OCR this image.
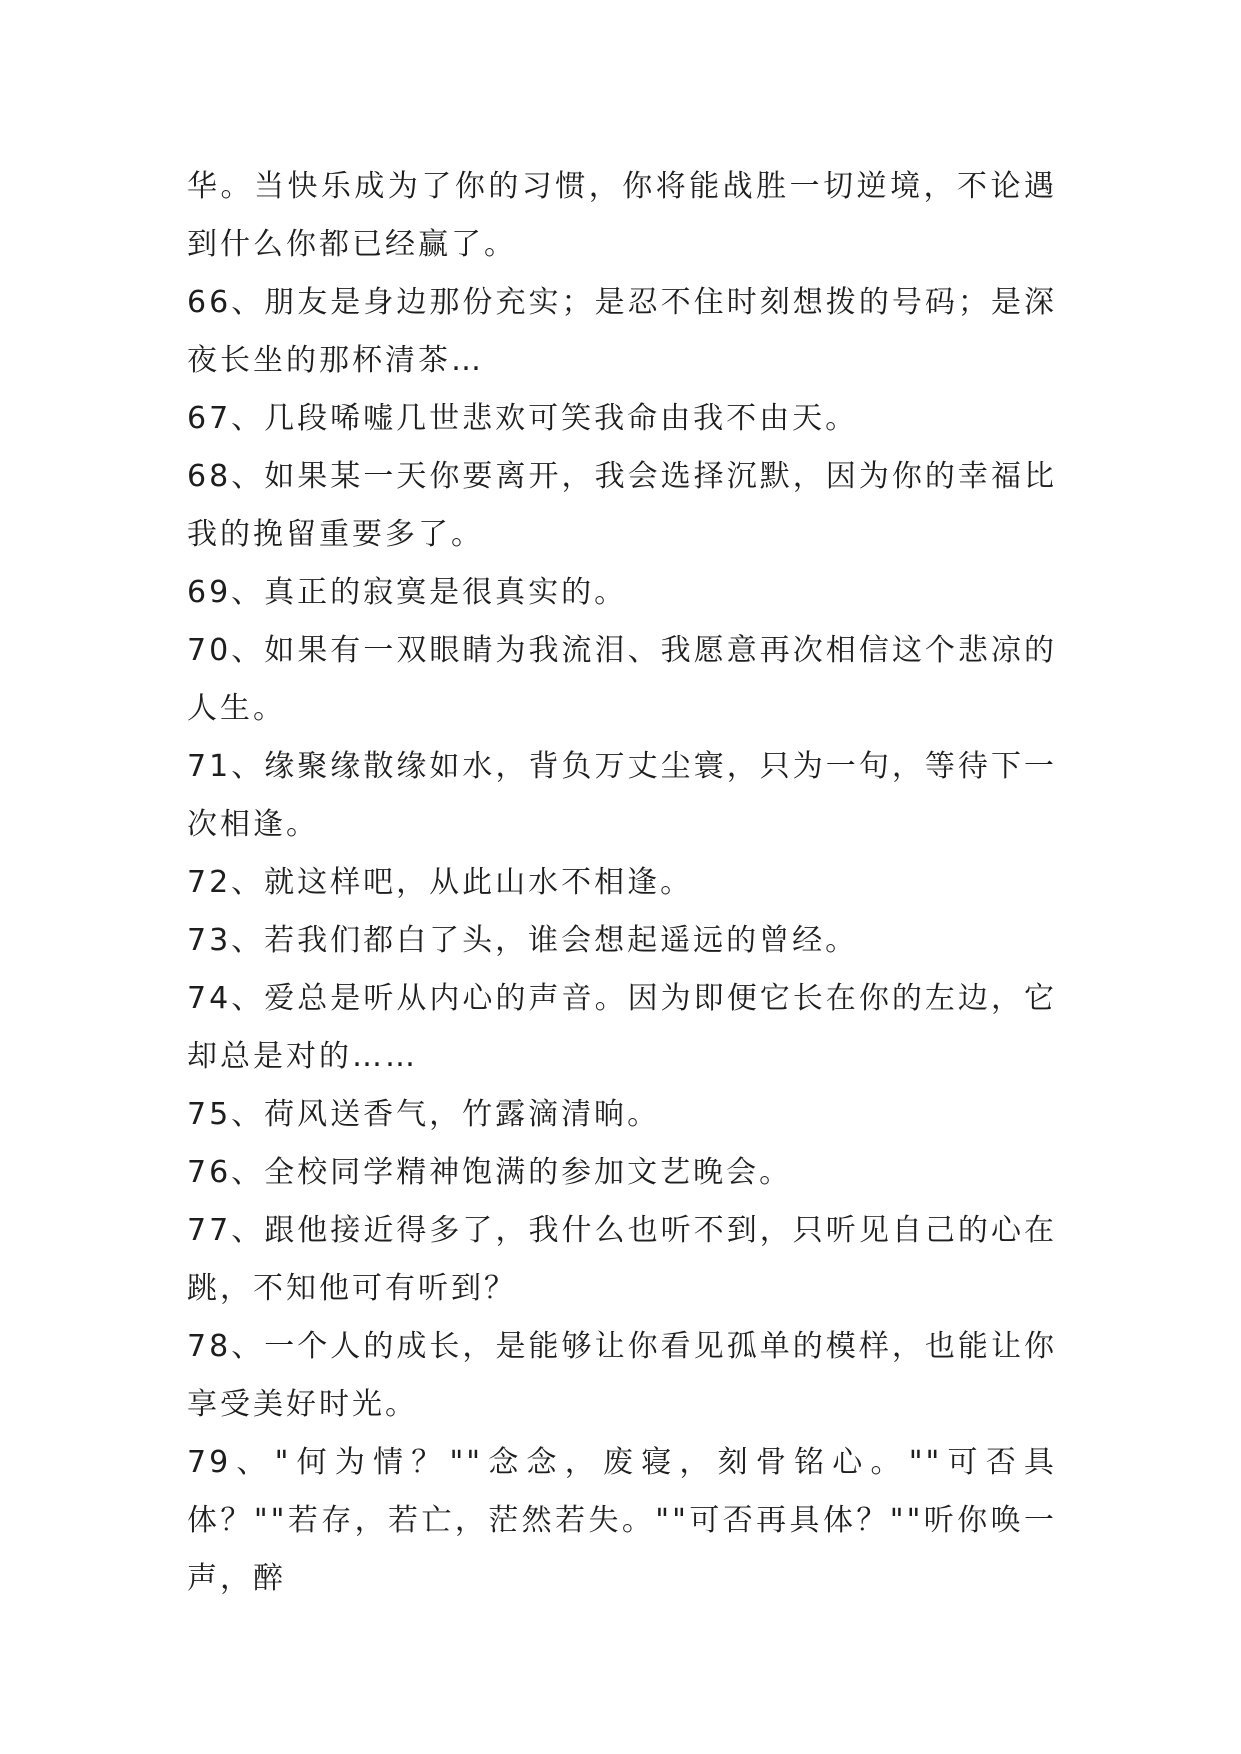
华。当快乐成为了你的习惯，你将能战胜一切逆境，不论遇到什么你都已经赢了。

66、朋友是身边那份充实；是忍不住时刻想拨的号码；是深夜长坐的那杯清茶…

67、几段唏嘘几世悲欢可笑我命由我不由天。

68、如果某一天你要离开，我会选择沉默，因为你的幸福比我的挽留重要多了。

69、真正的寂寞是很真实的。

70、如果有一双眼睛为我流泪、我愿意再次相信这个悲凉的人生。

71、缘聚缘散缘如水，背负万丈尘寰，只为一句，等待下一次相逢。

72、就这样吧，从此山水不相逢。

73、若我们都白了头，谁会想起遥远的曾经。

74、爱总是听从内心的声音。因为即便它长在你的左边，它却总是对的……

75、荷风送香气，竹露滴清晌。

76、全校同学精神饱满的参加文艺晚会。

77、跟他接近得多了，我什么也听不到，只听见自己的心在跳，不知他可有听到？

78、一个人的成长，是能够让你看见孤单的模样，也能让你享受美好时光。

79、"何为情？""念念，废寝，刻骨铭心。""可否具体？""若存，若亡，茫然若失。""可否再具体？""听你唤一声，醉
